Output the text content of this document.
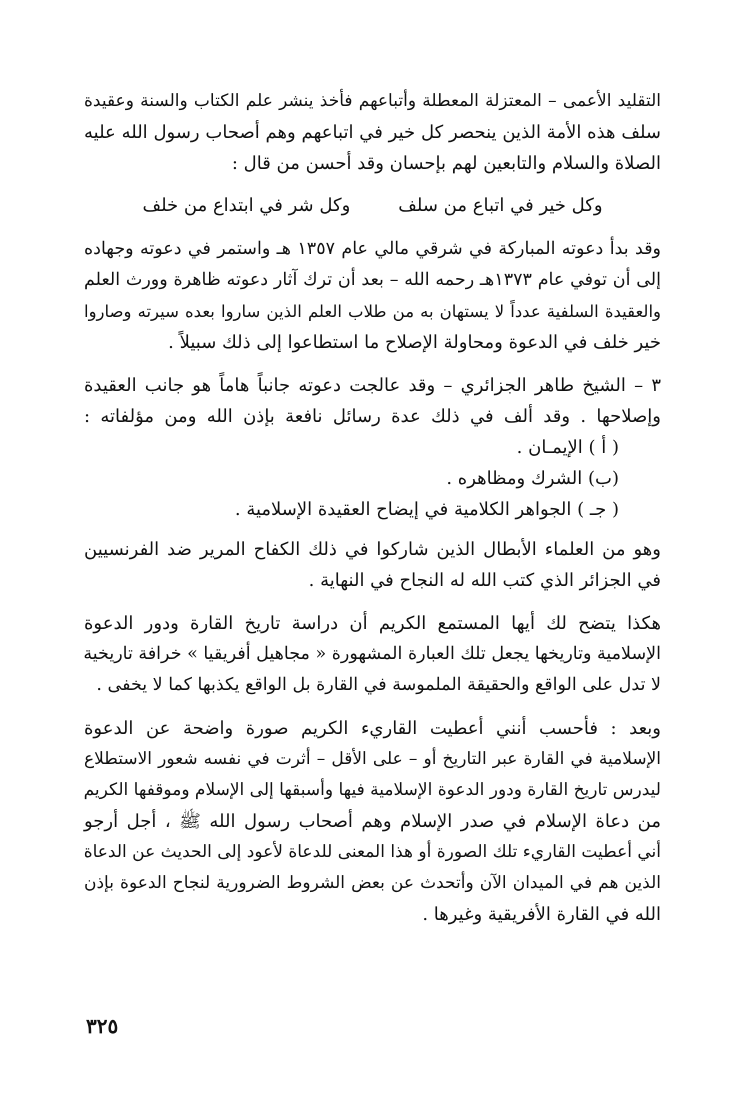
التقليد الأعمى – المعتزلة المعطلة وأتباعهم فأخذ ينشر علم الكتاب والسنة وعقيدة
سلف هذه الأمة الذين ينحصر كل خير في اتباعهم وهم أصحاب رسول الله عليه
الصلاة والسلام والتابعين لهم بإحسان وقد أحسن من قال :

وكل خير في اتباع من سلف
وكل شر في ابتداع من خلف

وقد بدأ دعوته المباركة في شرقي مالي عام ١٣٥٧ هـ واستمر في دعوته وجهاده
إلى أن توفي عام ١٣٧٣هـ رحمه الله – بعد أن ترك آثار دعوته ظاهرة وورث العلم
والعقيدة السلفية عدداً لا يستهان به من طلاب العلم الذين ساروا بعده سيرته وصاروا
خير خلف في الدعوة ومحاولة الإصلاح ما استطاعوا إلى ذلك سبيلاً .

٣ – الشيخ طاهر الجزائري – وقد عالجت دعوته جانباً هاماً هو جانب العقيدة
وإصلاحها . وقد ألف في ذلك عدة رسائل نافعة بإذن الله ومن مؤلفاته :

( أ ) الإيمـان .
(ب) الشرك ومظاهره .
( جـ ) الجواهر الكلامية في إيضاح العقيدة الإسلامية .

وهو من العلماء الأبطال الذين شاركوا في ذلك الكفاح المرير ضد الفرنسيين
في الجزائر الذي كتب الله له النجاح في النهاية .

هكذا يتضح لك أيها المستمع الكريم أن دراسة تاريخ القارة ودور الدعوة
الإسلامية وتاريخها يجعل تلك العبارة المشهورة « مجاهيل أفريقيا » خرافة تاريخية
لا تدل على الواقع والحقيقة الملموسة في القارة بل الواقع يكذبها كما لا يخفى .

وبعد : فأحسب أنني أعطيت القاريء الكريم صورة واضحة عن الدعوة
الإسلامية في القارة عبر التاريخ أو – على الأقل – أثرت في نفسه شعور الاستطلاع
ليدرس تاريخ القارة ودور الدعوة الإسلامية فيها وأسبقها إلى الإسلام وموقفها الكريم
من دعاة الإسلام في صدر الإسلام وهم أصحاب رسول الله ﷺ ، أجل أرجو
أني أعطيت القاريء تلك الصورة أو هذا المعنى للدعاة لأعود إلى الحديث عن الدعاة
الذين هم في الميدان الآن وأتحدث عن بعض الشروط الضرورية لنجاح الدعوة بإذن
الله في القارة الأفريقية وغيرها .

٣٢٥
